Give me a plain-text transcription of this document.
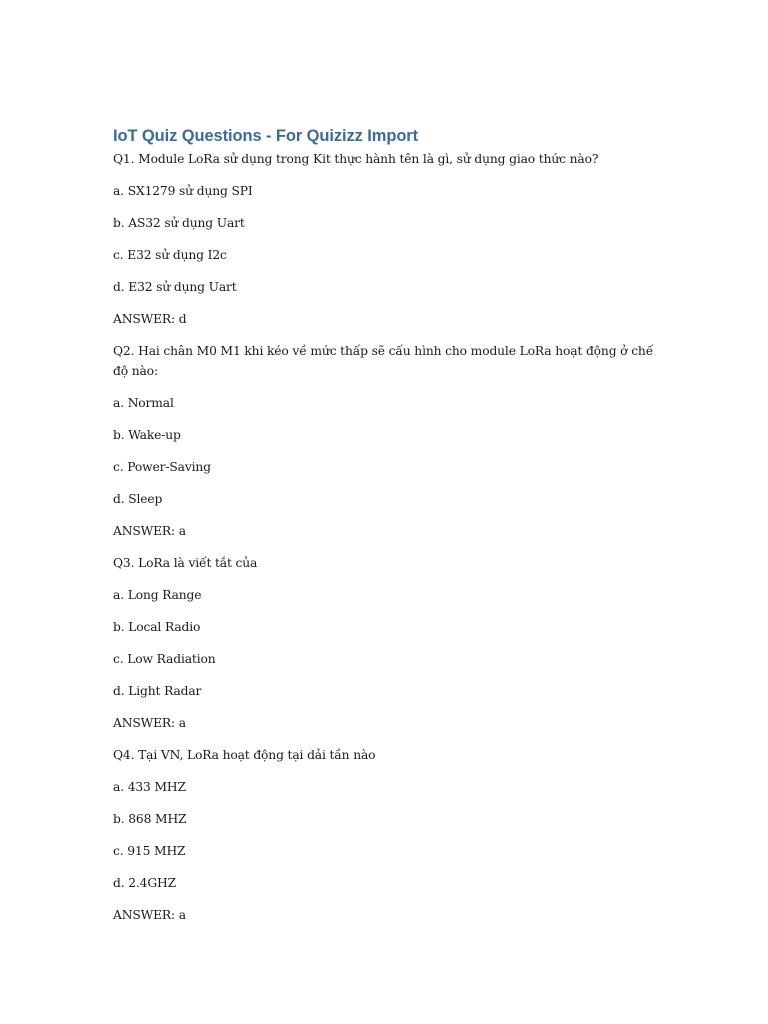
IoT Quiz Questions - For Quizizz Import

Q1. Module LoRa sử dụng trong Kit thực hành tên là gì, sử dụng giao thức nào?

a. SX1279 sử dụng SPI

b. AS32 sử dụng Uart

c. E32 sử dụng I2c

d. E32 sử dụng Uart

ANSWER: d

Q2. Hai chân M0 M1 khi kéo về mức thấp sẽ cấu hình cho module LoRa hoạt động ở chế độ nào:

a. Normal

b. Wake-up

c. Power-Saving

d. Sleep

ANSWER: a

Q3. LoRa là viết tắt của

a. Long Range

b. Local Radio

c. Low Radiation

d. Light Radar

ANSWER: a

Q4. Tại VN, LoRa hoạt động tại dải tần nào

a. 433 MHZ

b. 868 MHZ

c. 915 MHZ

d. 2.4GHZ

ANSWER: a
